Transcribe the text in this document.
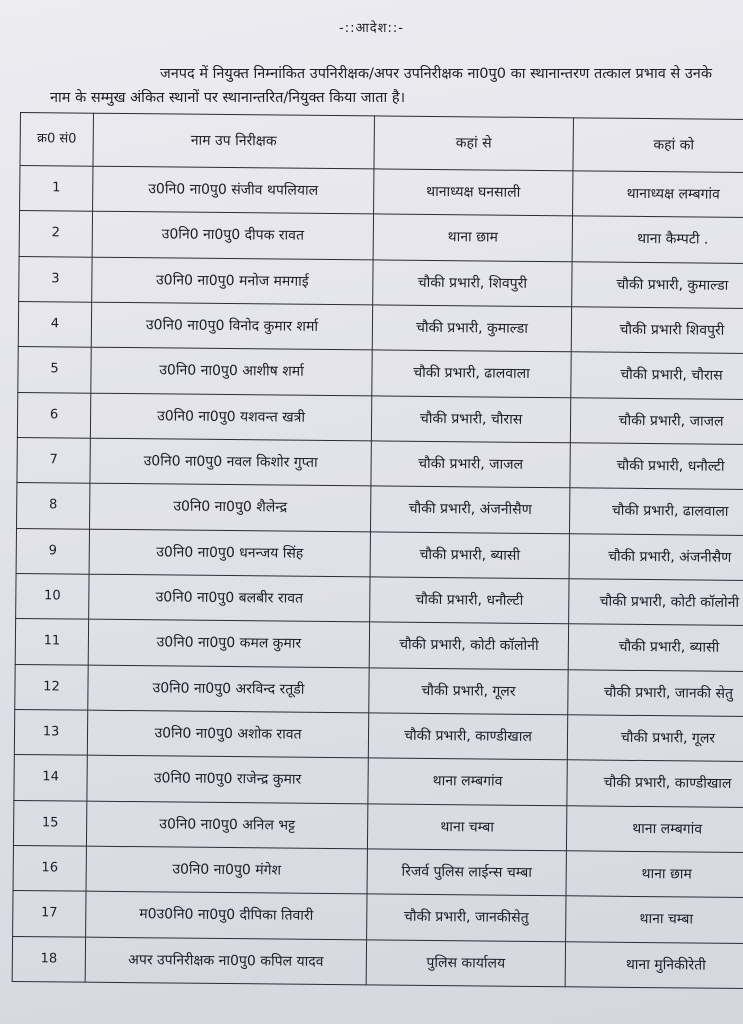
-::आदेश::-

जनपद में नियुक्त निम्नांकित उपनिरीक्षक/अपर उपनिरीक्षक ना0पु0 का स्थानान्तरण तत्काल प्रभाव से उनके नाम के सम्मुख अंकित स्थानों पर स्थानान्तरित/नियुक्त किया जाता है।

क्र0 सं0	नाम उप निरीक्षक	कहां से	कहां को
1	उ0नि0 ना0पु0 संजीव थपलियाल	थानाध्यक्ष घनसाली	थानाध्यक्ष लम्बगांव
2	उ0नि0 ना0पु0 दीपक रावत	थाना छाम	थाना कैम्पटी .
3	उ0नि0 ना0पु0 मनोज ममगाई	चौकी प्रभारी, शिवपुरी	चौकी प्रभारी, कुमाल्डा
4	उ0नि0 ना0पु0 विनोद कुमार शर्मा	चौकी प्रभारी, कुमाल्डा	चौकी प्रभारी शिवपुरी
5	उ0नि0 ना0पु0 आशीष शर्मा	चौकी प्रभारी, ढालवाला	चौकी प्रभारी, चौरास
6	उ0नि0 ना0पु0 यशवन्त खत्री	चौकी प्रभारी, चौरास	चौकी प्रभारी, जाजल
7	उ0नि0 ना0पु0 नवल किशोर गुप्ता	चौकी प्रभारी, जाजल	चौकी प्रभारी, धनौल्टी
8	उ0नि0 ना0पु0 शैलेन्द्र	चौकी प्रभारी, अंजनीसैण	चौकी प्रभारी, ढालवाला
9	उ0नि0 ना0पु0 धनन्जय सिंह	चौकी प्रभारी, ब्यासी	चौकी प्रभारी, अंजनीसैण
10	उ0नि0 ना0पु0 बलबीर रावत	चौकी प्रभारी, धनौल्टी	चौकी प्रभारी, कोटी कॉलोनी
11	उ0नि0 ना0पु0 कमल कुमार	चौकी प्रभारी, कोटी कॉलोनी	चौकी प्रभारी, ब्यासी
12	उ0नि0 ना0पु0 अरविन्द रतूडी	चौकी प्रभारी, गूलर	चौकी प्रभारी, जानकी सेतु
13	उ0नि0 ना0पु0 अशोक रावत	चौकी प्रभारी, काण्डीखाल	चौकी प्रभारी, गूलर
14	उ0नि0 ना0पु0 राजेन्द्र कुमार	थाना लम्बगांव	चौकी प्रभारी, काण्डीखाल
15	उ0नि0 ना0पु0 अनिल भट्ट	थाना चम्बा	थाना लम्बगांव
16	उ0नि0 ना0पु0 मंगेश	रिजर्व पुलिस लाईन्स चम्बा	थाना छाम
17	म0उ0नि0 ना0पु0 दीपिका तिवारी	चौकी प्रभारी, जानकीसेतु	थाना चम्बा
18	अपर उपनिरीक्षक ना0पु0 कपिल यादव	पुलिस कार्यालय	थाना मुनिकीरेती
